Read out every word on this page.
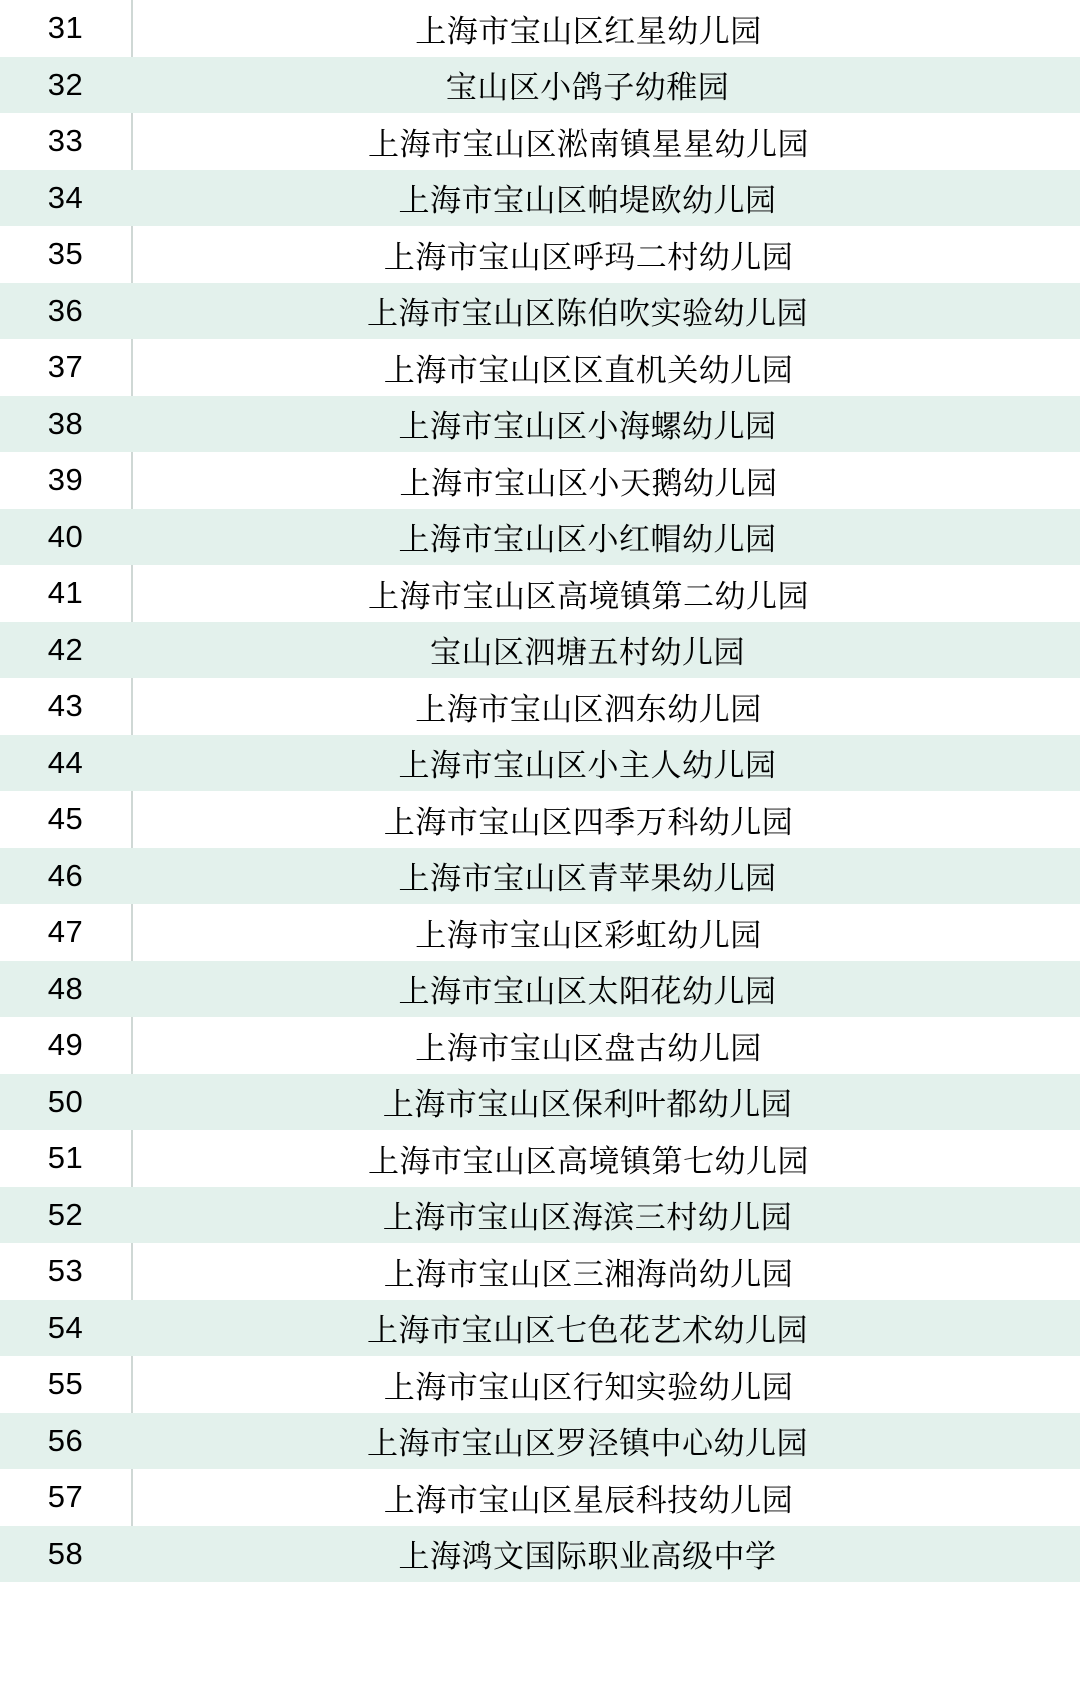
31	上海市宝山区红星幼儿园
32	宝山区小鸽子幼稚园
33	上海市宝山区淞南镇星星幼儿园
34	上海市宝山区帕堤欧幼儿园
35	上海市宝山区呼玛二村幼儿园
36	上海市宝山区陈伯吹实验幼儿园
37	上海市宝山区区直机关幼儿园
38	上海市宝山区小海螺幼儿园
39	上海市宝山区小天鹅幼儿园
40	上海市宝山区小红帽幼儿园
41	上海市宝山区高境镇第二幼儿园
42	宝山区泗塘五村幼儿园
43	上海市宝山区泗东幼儿园
44	上海市宝山区小主人幼儿园
45	上海市宝山区四季万科幼儿园
46	上海市宝山区青苹果幼儿园
47	上海市宝山区彩虹幼儿园
48	上海市宝山区太阳花幼儿园
49	上海市宝山区盘古幼儿园
50	上海市宝山区保利叶都幼儿园
51	上海市宝山区高境镇第七幼儿园
52	上海市宝山区海滨三村幼儿园
53	上海市宝山区三湘海尚幼儿园
54	上海市宝山区七色花艺术幼儿园
55	上海市宝山区行知实验幼儿园
56	上海市宝山区罗泾镇中心幼儿园
57	上海市宝山区星辰科技幼儿园
58	上海鸿文国际职业高级中学
